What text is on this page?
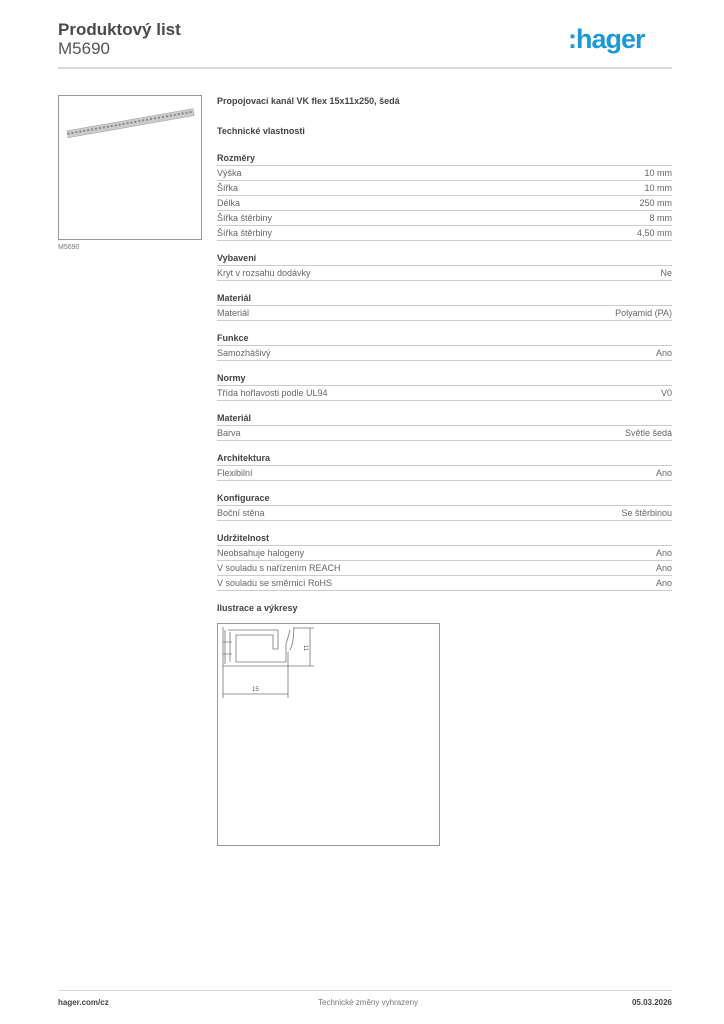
Produktový list
M5690	:hager
M5690
Propojovací kanál VK flex 15x11x250, šedá
Technické vlastnosti
Rozměry
Výška	10 mm
Šířka	10 mm
Délka	250 mm
Šířka štěrbiny	8 mm
Šířka štěrbiny	4,50 mm
Vybavení
Kryt v rozsahu dodávky	Ne
Materiál
Materiál	Polyamid (PA)
Funkce
Samozhášivý	Ano
Normy
Třída hořlavosti podle UL94	V0
Materiál
Barva	Světle šedá
Architektura
Flexibilní	Ano
Konfigurace
Boční stěna	Se štěrbinou
Udržitelnost
Neobsahuje halogeny	Ano
V souladu s nařízením REACH	Ano
V souladu se směrnicí RoHS	Ano
Ilustrace a výkresy
11
15
hager.com/cz	Technické změny vyhrazeny	05.03.2026
